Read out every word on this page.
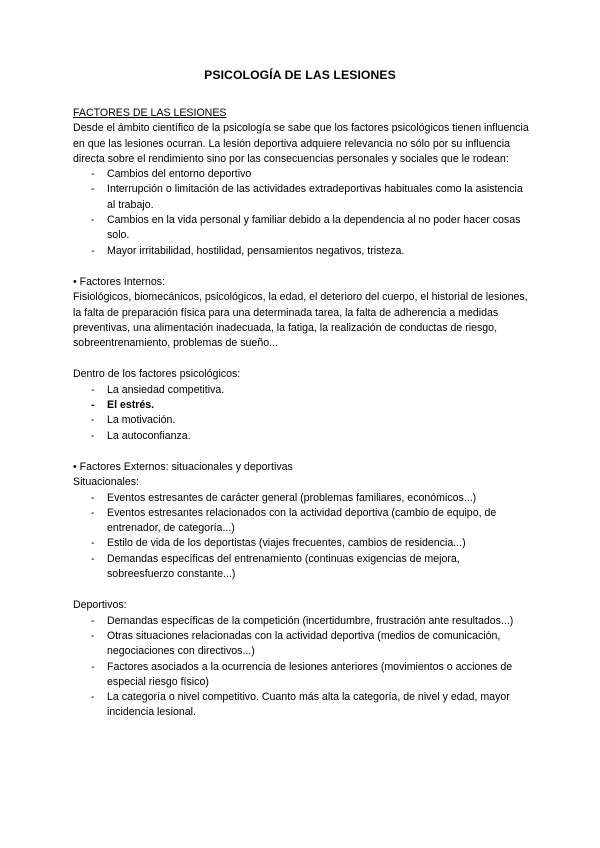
PSICOLOGÍA DE LAS LESIONES

FACTORES DE LAS LESIONES

Desde el ámbito científico de la psicología se sabe que los factores psicológicos tienen influencia en que las lesiones ocurran. La lesión deportiva adquiere relevancia no sólo por su influencia directa sobre el rendimiento sino por las consecuencias personales y sociales que le rodean:

- Cambios del entorno deportivo
- Interrupción o limitación de las actividades extradeportivas habituales como la asistencia al trabajo.
- Cambios en la vida personal y familiar debido a la dependencia al no poder hacer cosas solo.
- Mayor irritabilidad, hostilidad, pensamientos negativos, tristeza.

• Factores Internos:

Fisiológicos, biomecánicos, psicológicos, la edad, el deterioro del cuerpo, el historial de lesiones, la falta de preparación física para una determinada tarea, la falta de adherencia a medidas preventivas, una alimentación inadecuada, la fatiga, la realización de conductas de riesgo, sobreentrenamiento, problemas de sueño...

Dentro de los factores psicológicos:

- La ansiedad competitiva.
- El estrés.
- La motivación.
- La autoconfianza.

• Factores Externos: situacionales y deportivas

Situacionales:

- Eventos estresantes de carácter general (problemas familiares, económicos...)
- Eventos estresantes relacionados con la actividad deportiva (cambio de equipo, de entrenador, de categoría...)
- Estilo de vida de los deportistas (viajes frecuentes, cambios de residencia...)
- Demandas específicas del entrenamiento (continuas exigencias de mejora, sobreesfuerzo constante...)

Deportivos:

- Demandas específicas de la competición (incertidumbre, frustración ante resultados...)
- Otras situaciones relacionadas con la actividad deportiva (medios de comunicación, negociaciones con directivos...)
- Factores asociados a la ocurrencia de lesiones anteriores (movimientos o acciones de especial riesgo físico)
- La categoría o nivel competitivo. Cuanto más alta la categoría, de nivel y edad, mayor incidencia lesional.
